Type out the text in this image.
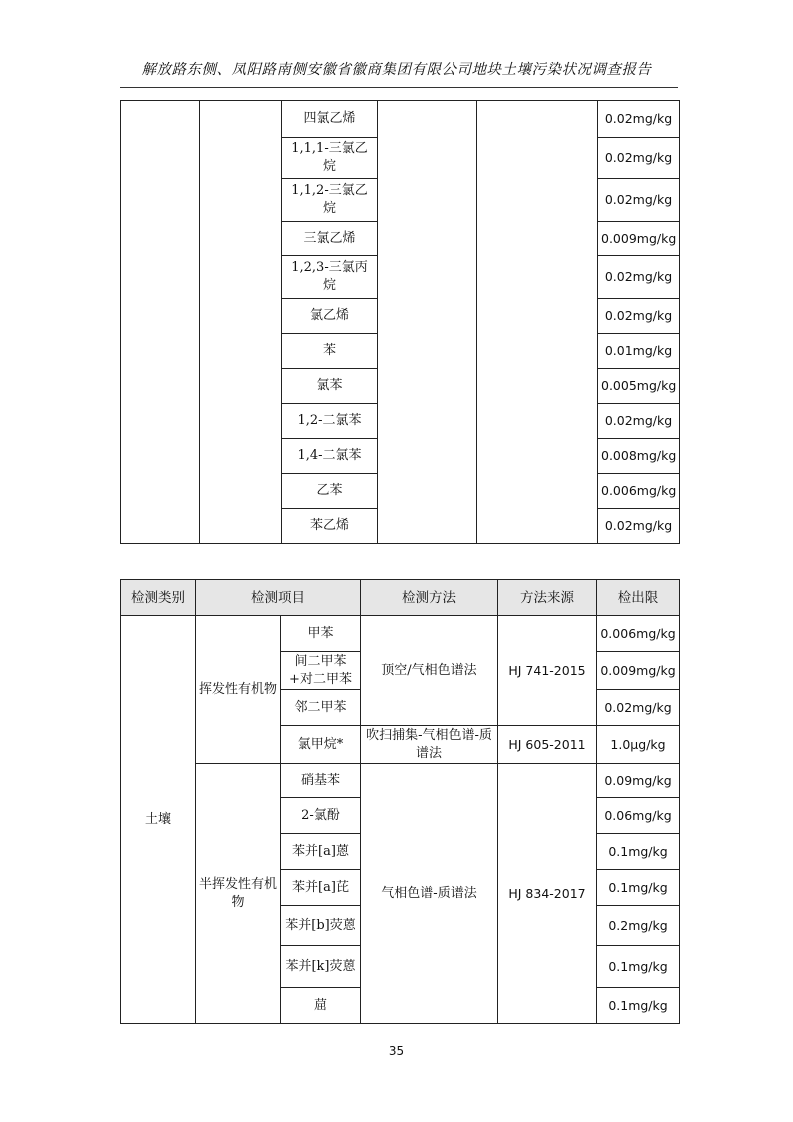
解放路东侧、凤阳路南侧安徽省徽商集团有限公司地块土壤污染状况调查报告
		四氯乙烯			0.02mg/kg
		1,1,1-三氯乙烷			0.02mg/kg
		1,1,2-三氯乙烷			0.02mg/kg
		三氯乙烯			0.009mg/kg
		1,2,3-三氯丙烷			0.02mg/kg
		氯乙烯			0.02mg/kg
		苯			0.01mg/kg
		氯苯			0.005mg/kg
		1,2-二氯苯			0.02mg/kg
		1,4-二氯苯			0.008mg/kg
		乙苯			0.006mg/kg
		苯乙烯			0.02mg/kg
检测类别	检测项目		检测方法	方法来源	检出限
土壤	挥发性有机物	甲苯	顶空/气相色谱法	HJ 741-2015	0.006mg/kg
		间二甲苯+对二甲苯			0.009mg/kg
		邻二甲苯			0.02mg/kg
		氯甲烷*	吹扫捕集-气相色谱-质谱法	HJ 605-2011	1.0μg/kg
	半挥发性有机物	硝基苯	气相色谱-质谱法	HJ 834-2017	0.09mg/kg
		2-氯酚			0.06mg/kg
		苯并[a]蒽			0.1mg/kg
		苯并[a]芘			0.1mg/kg
		苯并[b]荧蒽			0.2mg/kg
		苯并[k]荧蒽			0.1mg/kg
		䓛			0.1mg/kg
35
